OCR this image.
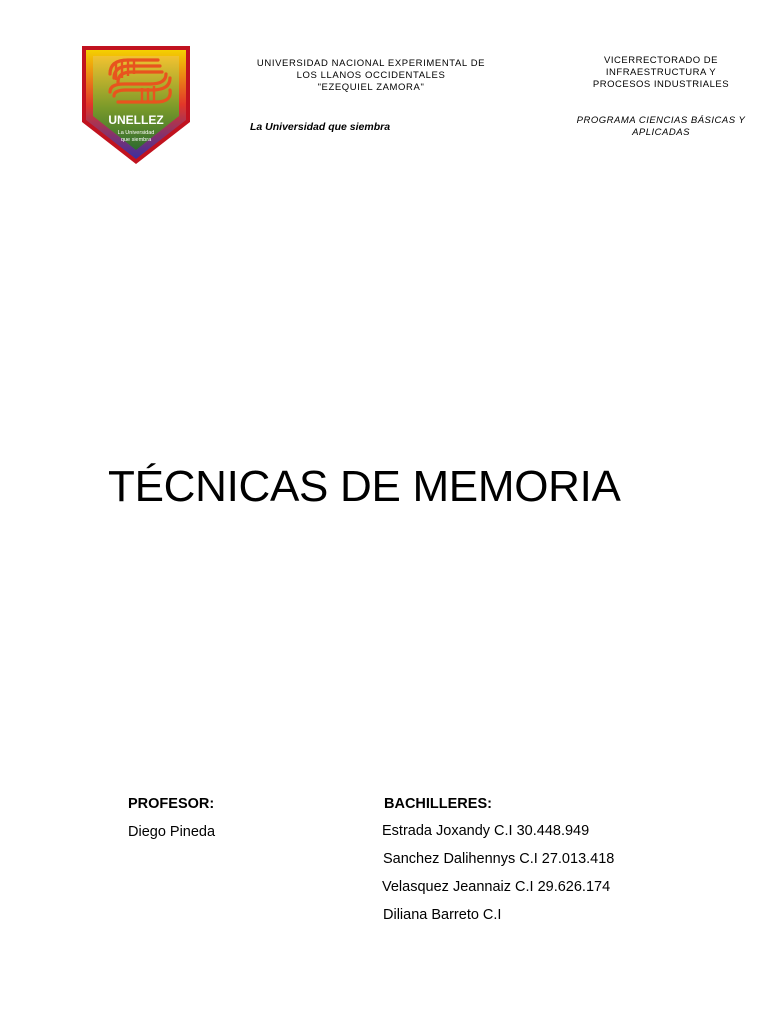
UNELLEZ
La Universidad
que siembra
UNIVERSIDAD NACIONAL EXPERIMENTAL DE
LOS LLANOS OCCIDENTALES
"EZEQUIEL ZAMORA"
La Universidad que siembra
VICERRECTORADO DE
INFRAESTRUCTURA Y
PROCESOS INDUSTRIALES
PROGRAMA CIENCIAS BÁSICAS Y
APLICADAS
TÉCNICAS DE MEMORIA
PROFESOR:
Diego Pineda
BACHILLERES:
Estrada Joxandy C.I 30.448.949
Sanchez Dalihennys C.I 27.013.418
Velasquez Jeannaiz C.I 29.626.174
Diliana Barreto C.I
